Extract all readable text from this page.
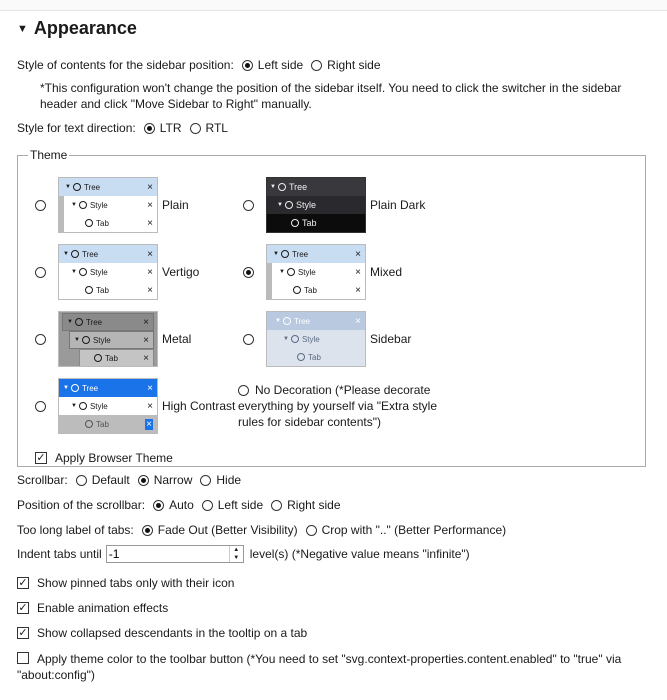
▼ Appearance
Style of contents for the sidebar position: Left side Right side
*This configuration won't change the position of the sidebar itself. You need to click the switcher in the sidebar header and click "Move Sidebar to Right" manually.
Style for text direction: LTR RTL
Theme
▼ Tree	×
▼ Style	×
Tab	×
Plain
▼ Tree
▼ Style
Tab
Plain Dark
▼ Tree	×
▼ Style	×
Tab	×
Vertigo
▼ Tree	×
▼ Style	×
Tab	×
Mixed
▼ Tree	×
▼ Style	×
Tab	×
Metal
▼ Tree	×
▼ Style
Tab
Sidebar
▼ Tree	×
▼ Style	×
Tab	×
High Contrast
No Decoration (*Please decorate everything by yourself via "Extra style rules for sidebar contents")
✓ Apply Browser Theme
Scrollbar: Default Narrow Hide
Position of the scrollbar: Auto Left side Right side
Too long label of tabs: Fade Out (Better Visibility) Crop with ".." (Better Performance)
Indent tabs until
-1	▲
▼ level(s) (*Negative value means "infinite")
✓ Show pinned tabs only with their icon
✓ Enable animation effects
✓ Show collapsed descendants in the tooltip on a tab
Apply theme color to the toolbar button (*You need to set "svg.context-properties.content.enabled" to "true" via "about:config")
